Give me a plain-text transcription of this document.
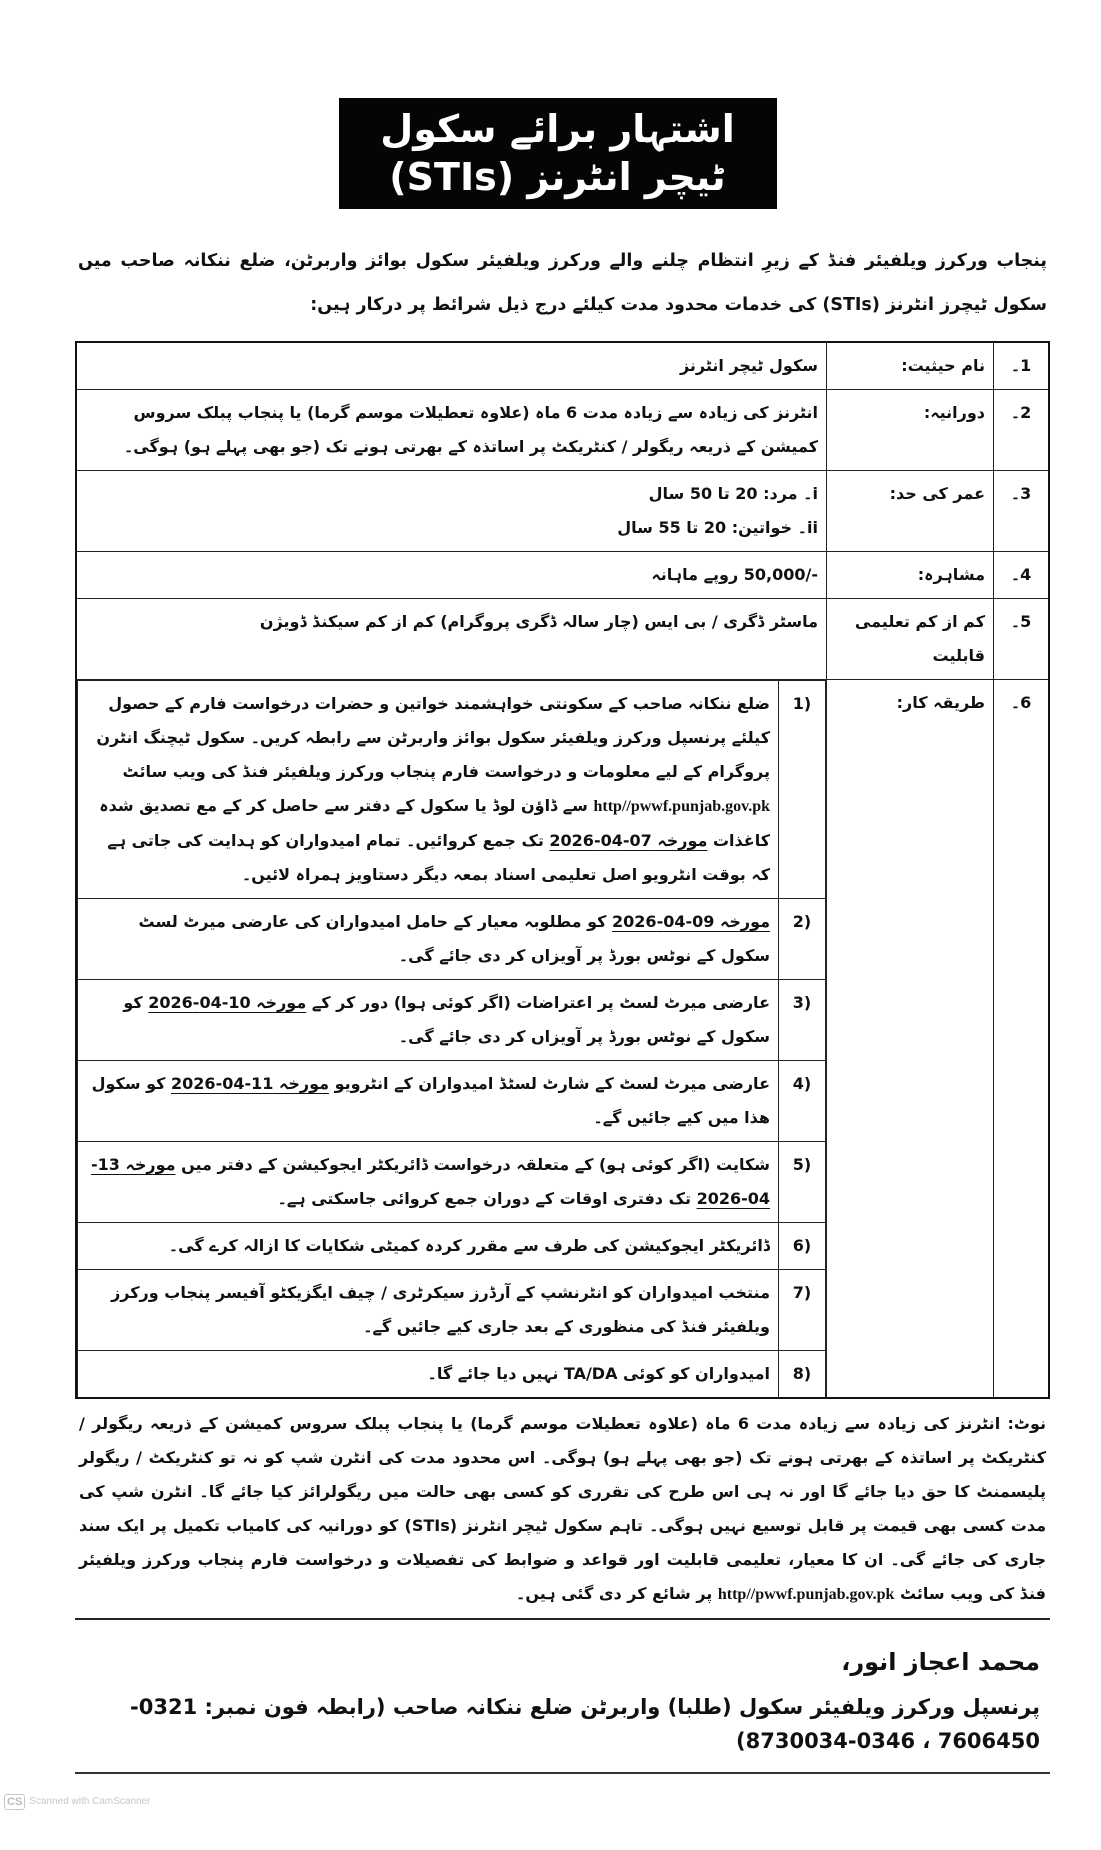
اشتہار برائے سکول ٹیچر انٹرنز (STIs)
پنجاب ورکرز ویلفیئر فنڈ کے زیرِ انتظام چلنے والے ورکرز ویلفیئر سکول بوائز واربرٹن، ضلع ننکانہ صاحب میں سکول ٹیچرز انٹرنز (STIs) کی خدمات محدود مدت کیلئے درج ذیل شرائط پر درکار ہیں:
1۔	نام حیثیت:	سکول ٹیچر انٹرنز
2۔	دورانیہ:	انٹرنز کی زیادہ سے زیادہ مدت 6 ماہ (علاوہ تعطیلات موسم گرما) یا پنجاب پبلک سروس کمیشن کے ذریعہ ریگولر / کنٹریکٹ پر اساتذہ کے بھرتی ہونے تک (جو بھی پہلے ہو) ہوگی۔
3۔	عمر کی حد:	
i۔ مرد: 20 تا 50 سال
ii۔ خواتین: 20 تا 55 سال

4۔	مشاہرہ:	-/50,000 روپے ماہانہ
5۔	کم از کم تعلیمی قابلیت	ماسٹر ڈگری / بی ایس (چار سالہ ڈگری پروگرام) کم از کم سیکنڈ ڈویژن
6۔	طریقہ کار:	
(1	ضلع ننکانہ صاحب کے سکونتی خواہشمند خواتین و حضرات درخواست فارم کے حصول کیلئے پرنسپل ورکرز ویلفیئر سکول بوائز واربرٹن سے رابطہ کریں۔ سکول ٹیچنگ انٹرن پروگرام کے لیے معلومات و درخواست فارم پنجاب ورکرز ویلفیئر فنڈ کی ویب سائٹ http//pwwf.punjab.gov.pk سے ڈاؤن لوڈ یا سکول کے دفتر سے حاصل کر کے مع تصدیق شدہ کاغذات مورخہ 07-04-2026 تک جمع کروائیں۔ تمام امیدواران کو ہدایت کی جاتی ہے کہ بوقت انٹرویو اصل تعلیمی اسناد بمعہ دیگر دستاویز ہمراہ لائیں۔
(2	مورخہ 09-04-2026 کو مطلوبہ معیار کے حامل امیدواران کی عارضی میرٹ لسٹ سکول کے نوٹس بورڈ پر آویزاں کر دی جائے گی۔
(3	عارضی میرٹ لسٹ پر اعتراضات (اگر کوئی ہوا) دور کر کے مورخہ 10-04-2026 کو سکول کے نوٹس بورڈ پر آویزاں کر دی جائے گی۔
(4	عارضی میرٹ لسٹ کے شارٹ لسٹڈ امیدواران کے انٹرویو مورخہ 11-04-2026 کو سکول ھذا میں کیے جائیں گے۔
(5	شکایت (اگر کوئی ہو) کے متعلقہ درخواست ڈائریکٹر ایجوکیشن کے دفتر میں مورخہ 13-04-2026 تک دفتری اوقات کے دوران جمع کروائی جاسکتی ہے۔
(6	ڈائریکٹر ایجوکیشن کی طرف سے مقرر کردہ کمیٹی شکایات کا ازالہ کرے گی۔
(7	منتخب امیدواران کو انٹرنشپ کے آرڈرز سیکرٹری / چیف ایگزیکٹو آفیسر پنجاب ورکرز ویلفیئر فنڈ کی منظوری کے بعد جاری کیے جائیں گے۔
(8	امیدواران کو کوئی TA/DA نہیں دیا جائے گا۔
نوٹ: انٹرنز کی زیادہ سے زیادہ مدت 6 ماہ (علاوہ تعطیلات موسم گرما) یا پنجاب پبلک سروس کمیشن کے ذریعہ ریگولر / کنٹریکٹ پر اساتذہ کے بھرتی ہونے تک (جو بھی پہلے ہو) ہوگی۔ اس محدود مدت کی انٹرن شپ کو نہ تو کنٹریکٹ / ریگولر پلیسمنٹ کا حق دیا جائے گا اور نہ ہی اس طرح کی تقرری کو کسی بھی حالت میں ریگولرائز کیا جائے گا۔ انٹرن شپ کی مدت کسی بھی قیمت پر قابل توسیع نہیں ہوگی۔ تاہم سکول ٹیچر انٹرنز (STIs) کو دورانیہ کی کامیاب تکمیل پر ایک سند جاری کی جائے گی۔ ان کا معیار، تعلیمی قابلیت اور قواعد و ضوابط کی تفصیلات و درخواست فارم پنجاب ورکرز ویلفیئر فنڈ کی ویب سائٹ http//pwwf.punjab.gov.pk پر شائع کر دی گئی ہیں۔
محمد اعجاز انور،
پرنسپل ورکرز ویلفیئر سکول (طلبا) واربرٹن ضلع ننکانہ صاحب (رابطہ فون نمبر: 0321-7606450 ، 0346-8730034)
CS Scanned with CamScanner
